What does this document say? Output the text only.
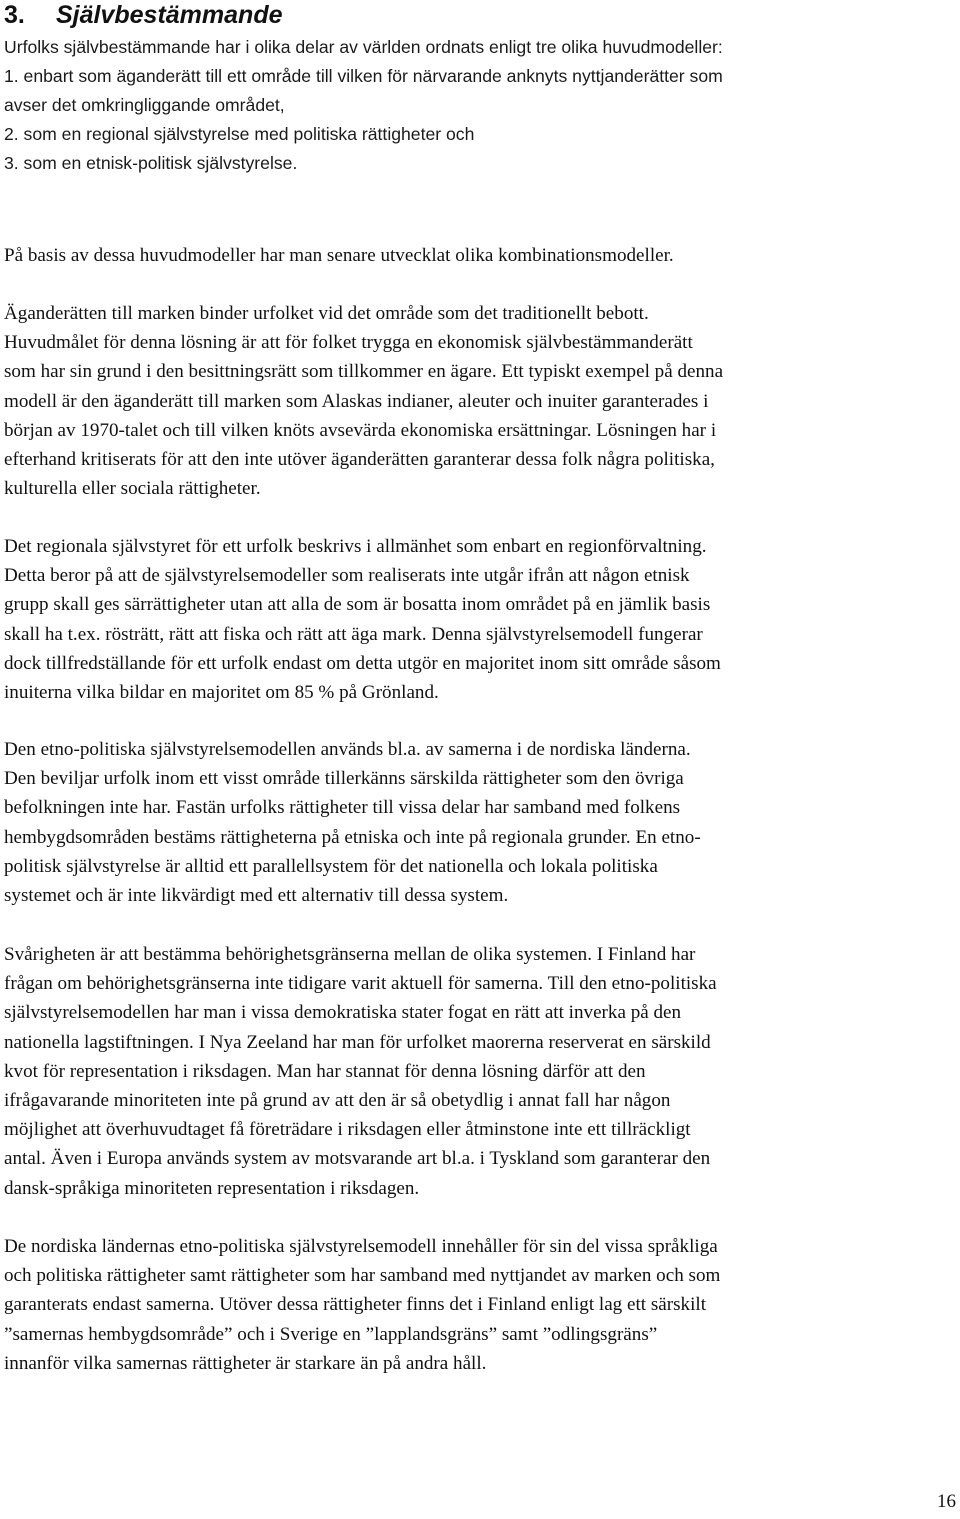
3. Självbestämmande
Urfolks självbestämmande har i olika delar av världen ordnats enligt tre olika huvudmodeller:
1. enbart som äganderätt till ett område till vilken för närvarande anknyts nyttjanderätter som
avser det omkringliggande området,
2. som en regional självstyrelse med politiska rättigheter och
3. som en etnisk-politisk självstyrelse.
På basis av dessa huvudmodeller har man senare utvecklat olika kombinationsmodeller.
Äganderätten till marken binder urfolket vid det område som det traditionellt bebott.
Huvudmålet för denna lösning är att för folket trygga en ekonomisk självbestämmanderätt
som har sin grund i den besittningsrätt som tillkommer en ägare. Ett typiskt exempel på denna
modell är den äganderätt till marken som Alaskas indianer, aleuter och inuiter garanterades i
början av 1970-talet och till vilken knöts avsevärda ekonomiska ersättningar. Lösningen har i
efterhand kritiserats för att den inte utöver äganderätten garanterar dessa folk några politiska,
kulturella eller sociala rättigheter.
Det regionala självstyret för ett urfolk beskrivs i allmänhet som enbart en regionförvaltning.
Detta beror på att de självstyrelsemodeller som realiserats inte utgår ifrån att någon etnisk
grupp skall ges särrättigheter utan att alla de som är bosatta inom området på en jämlik basis
skall ha t.ex. rösträtt, rätt att fiska och rätt att äga mark. Denna självstyrelsemodell fungerar
dock tillfredställande för ett urfolk endast om detta utgör en majoritet inom sitt område såsom
inuiterna vilka bildar en majoritet om 85 % på Grönland.
Den etno-politiska självstyrelsemodellen används bl.a. av samerna i de nordiska länderna.
Den beviljar urfolk inom ett visst område tillerkänns särskilda rättigheter som den övriga
befolkningen inte har. Fastän urfolks rättigheter till vissa delar har samband med folkens
hembygdsområden bestäms rättigheterna på etniska och inte på regionala grunder. En etno-
politisk självstyrelse är alltid ett parallellsystem för det nationella och lokala politiska
systemet och är inte likvärdigt med ett alternativ till dessa system.
Svårigheten är att bestämma behörighetsgränserna mellan de olika systemen. I Finland har
frågan om behörighetsgränserna inte tidigare varit aktuell för samerna. Till den etno-politiska
självstyrelsemodellen har man i vissa demokratiska stater fogat en rätt att inverka på den
nationella lagstiftningen. I Nya Zeeland har man för urfolket maorerna reserverat en särskild
kvot för representation i riksdagen. Man har stannat för denna lösning därför att den
ifrågavarande minoriteten inte på grund av att den är så obetydlig i annat fall har någon
möjlighet att överhuvudtaget få företrädare i riksdagen eller åtminstone inte ett tillräckligt
antal. Även i Europa används system av motsvarande art bl.a. i Tyskland som garanterar den
dansk-språkiga minoriteten representation i riksdagen.
De nordiska ländernas etno-politiska självstyrelsemodell innehåller för sin del vissa språkliga
och politiska rättigheter samt rättigheter som har samband med nyttjandet av marken och som
garanterats endast samerna. Utöver dessa rättigheter finns det i Finland enligt lag ett särskilt
”samernas hembygdsområde” och i Sverige en ”lapplandsgräns” samt ”odlingsgräns”
innanför vilka samernas rättigheter är starkare än på andra håll.
16
